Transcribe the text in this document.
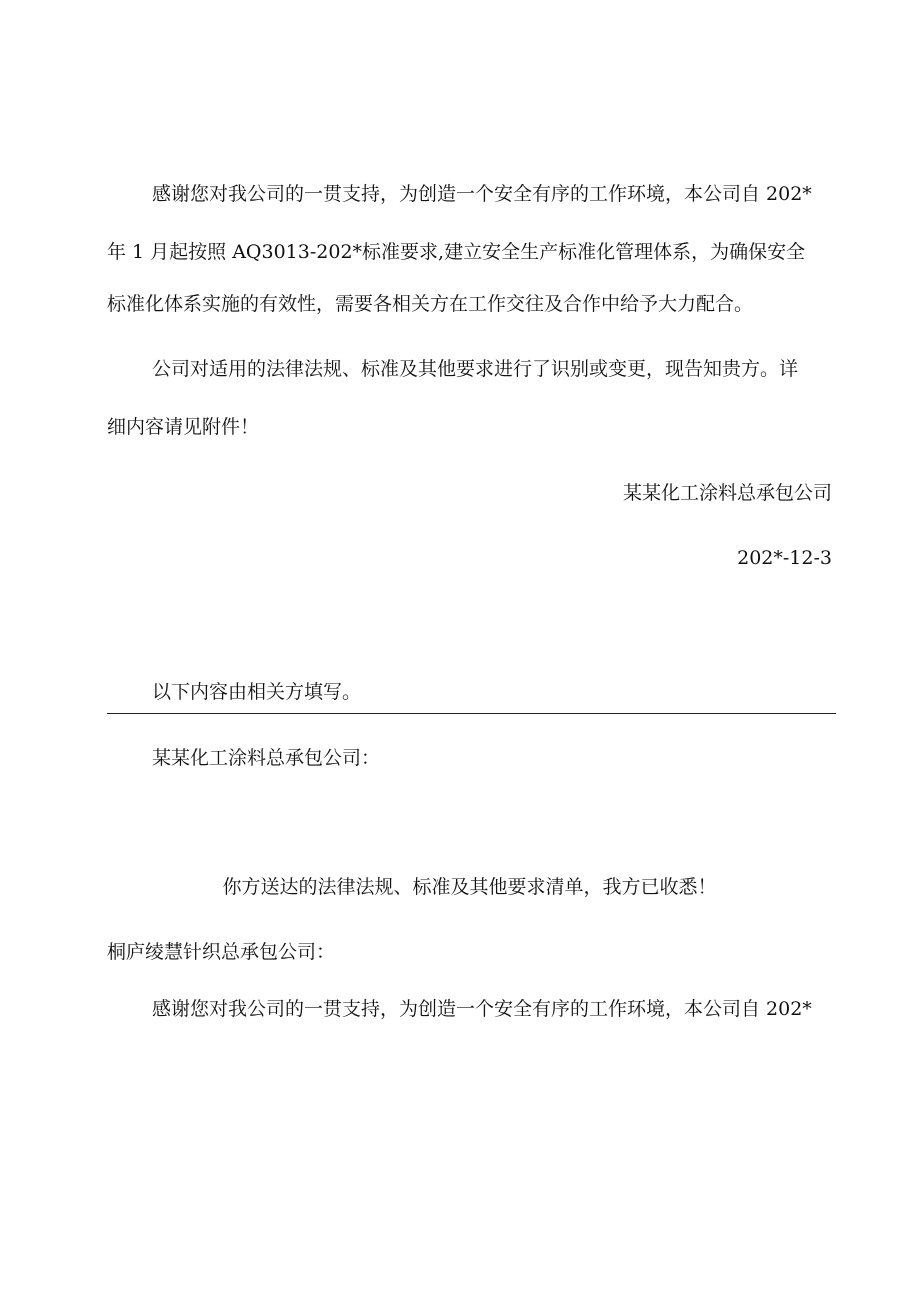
感谢您对我公司的一贯支持，为创造一个安全有序的工作环境，本公司自 202*
年 1 月起按照 AQ3013-202*标准要求,建立安全生产标准化管理体系，为确保安全
标准化体系实施的有效性，需要各相关方在工作交往及合作中给予大力配合。
公司对适用的法律法规、标准及其他要求进行了识别或变更，现告知贵方。详
细内容请见附件！
某某化工涂料总承包公司
202*-12-3
以下内容由相关方填写。
某某化工涂料总承包公司：
你方送达的法律法规、标准及其他要求清单，我方已收悉！
桐庐绫慧针织总承包公司：
感谢您对我公司的一贯支持，为创造一个安全有序的工作环境，本公司自 202*
